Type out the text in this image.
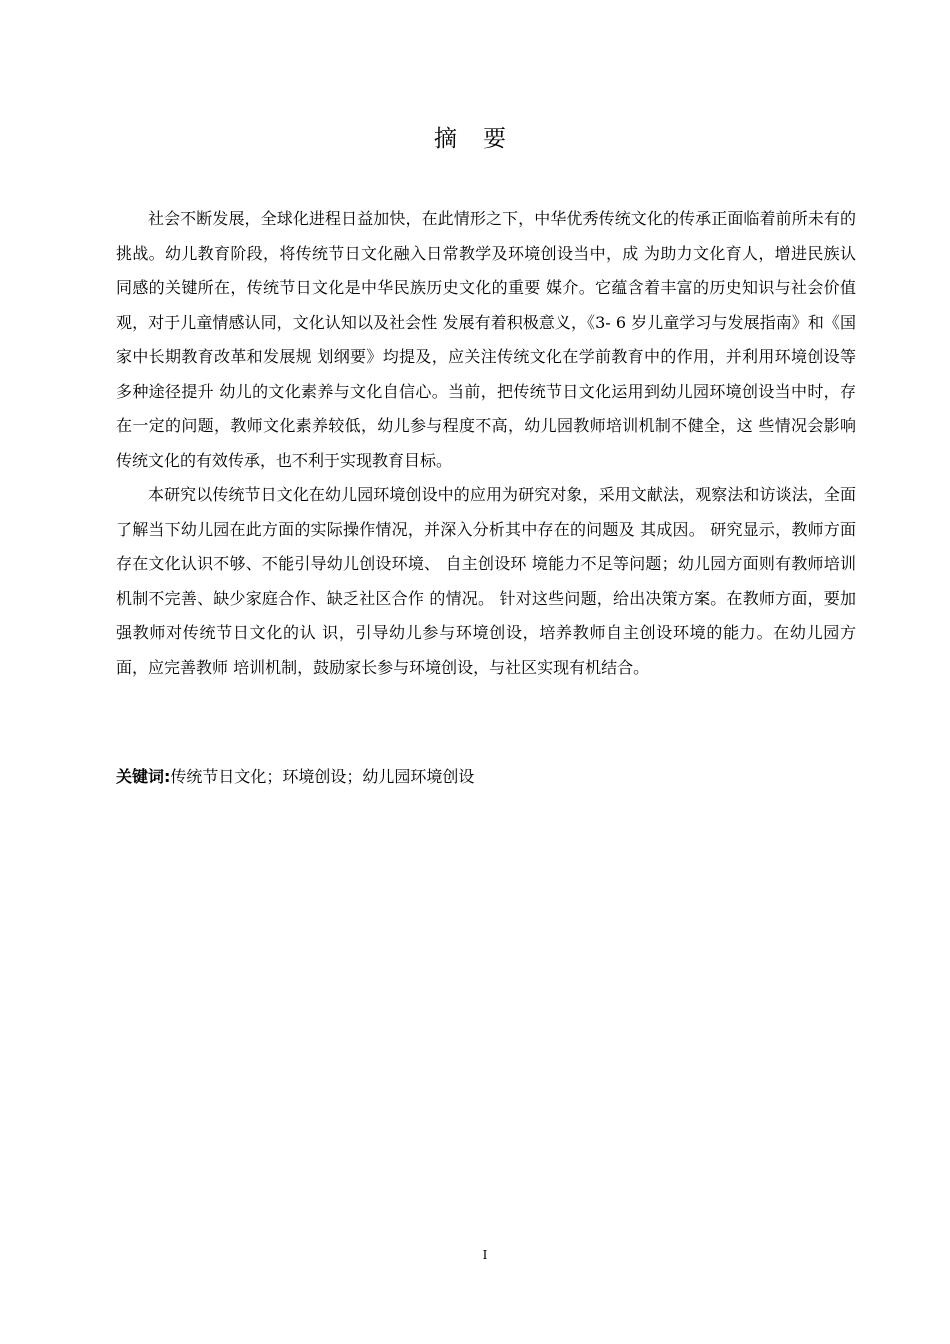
摘要

社会不断发展，全球化进程日益加快，在此情形之下，中华优秀传统文化的传承正面临着前所未有的挑战。幼儿教育阶段，将传统节日文化融入日常教学及环境创设当中，成 为助力文化育人，增进民族认同感的关键所在，传统节日文化是中华民族历史文化的重要 媒介。它蕴含着丰富的历史知识与社会价值观，对于儿童情感认同，文化认知以及社会性 发展有着积极意义，《3- 6 岁儿童学习与发展指南》和《国家中长期教育改革和发展规 划纲要》均提及，应关注传统文化在学前教育中的作用，并利用环境创设等多种途径提升 幼儿的文化素养与文化自信心。当前，把传统节日文化运用到幼儿园环境创设当中时，存 在一定的问题，教师文化素养较低，幼儿参与程度不高，幼儿园教师培训机制不健全，这 些情况会影响传统文化的有效传承，也不利于实现教育目标。

本研究以传统节日文化在幼儿园环境创设中的应用为研究对象，采用文献法，观察法和访谈法，全面了解当下幼儿园在此方面的实际操作情况，并深入分析其中存在的问题及 其成因。 研究显示，教师方面存在文化认识不够、不能引导幼儿创设环境、 自主创设环 境能力不足等问题；幼儿园方面则有教师培训机制不完善、缺少家庭合作、缺乏社区合作 的情况。 针对这些问题，给出决策方案。在教师方面，要加强教师对传统节日文化的认 识，引导幼儿参与环境创设，培养教师自主创设环境的能力。在幼儿园方面，应完善教师 培训机制，鼓励家长参与环境创设，与社区实现有机结合。

关键词:传统节日文化；环境创设；幼儿园环境创设

I
